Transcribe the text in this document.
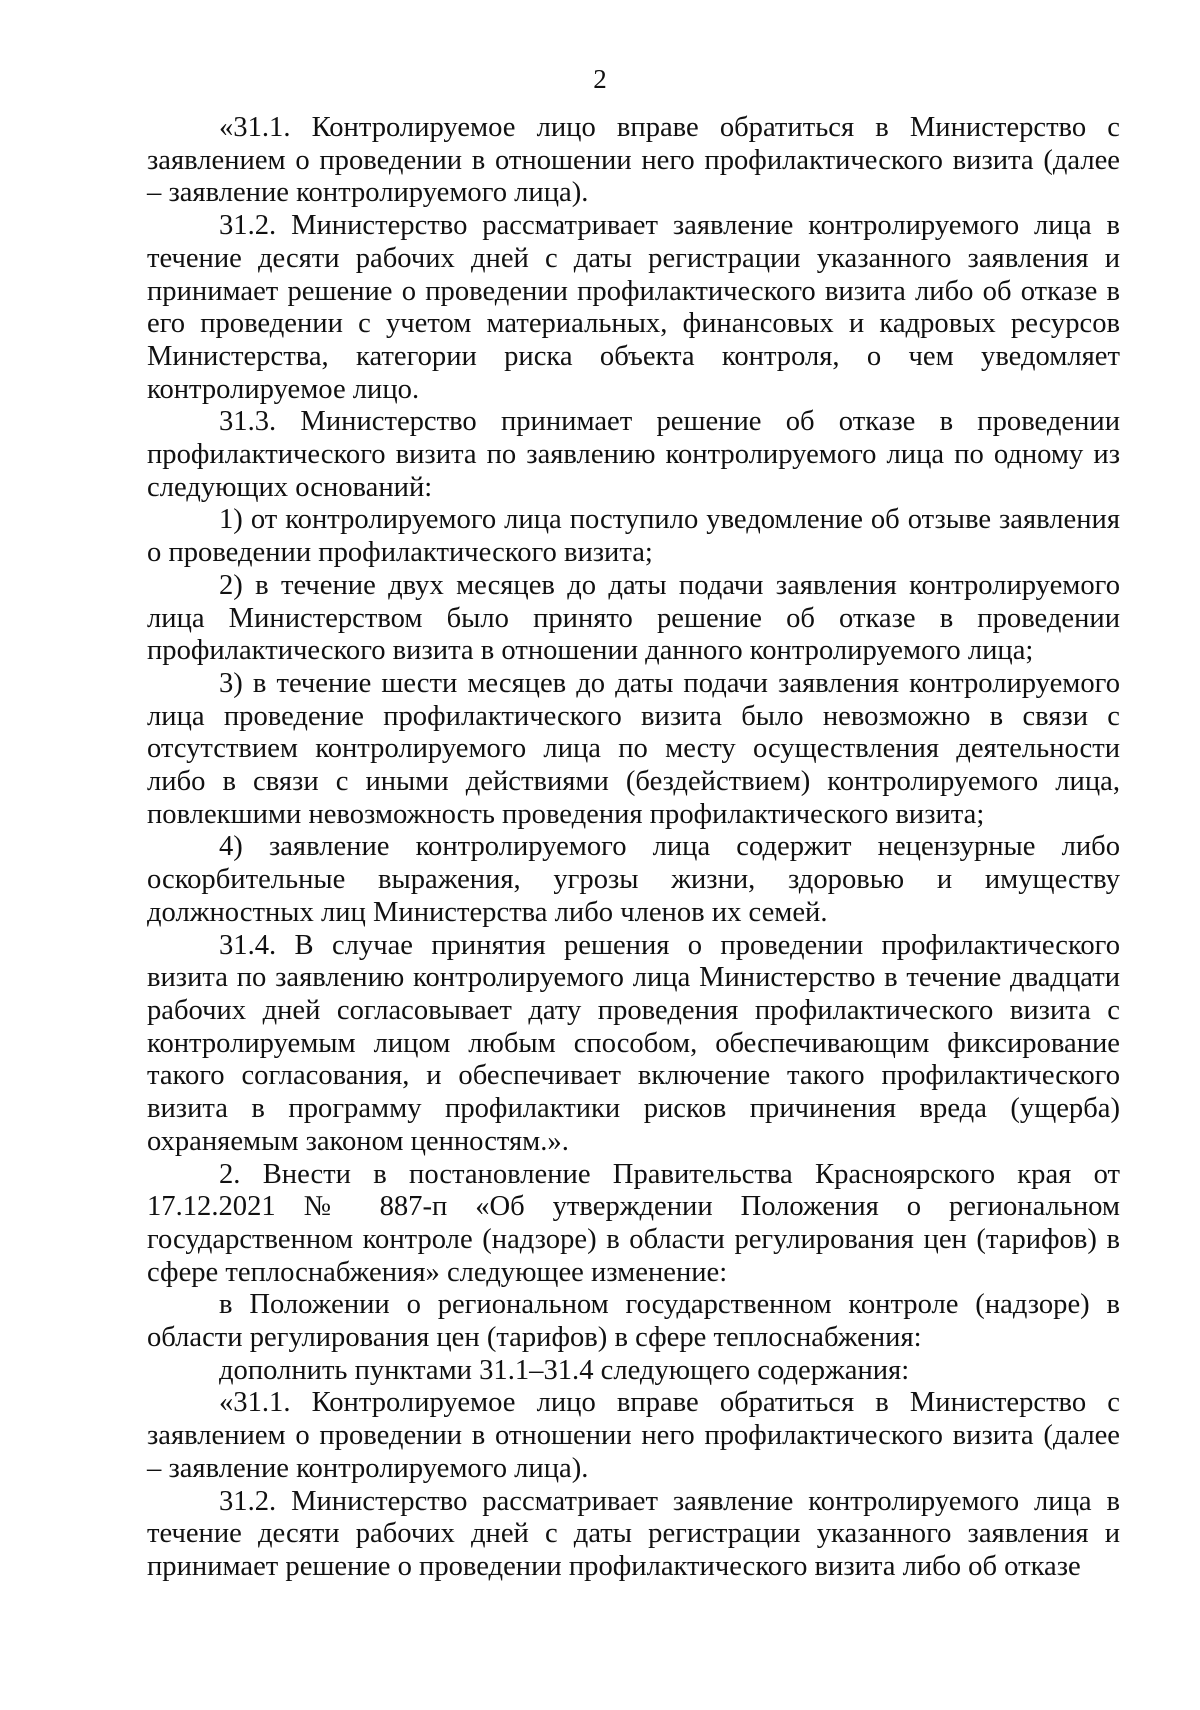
2

«31.1. Контролируемое лицо вправе обратиться в Министерство с заявлением о проведении в отношении него профилактического визита (далее – заявление контролируемого лица).

31.2. Министерство рассматривает заявление контролируемого лица в течение десяти рабочих дней с даты регистрации указанного заявления и принимает решение о проведении профилактического визита либо об отказе в его проведении с учетом материальных, финансовых и кадровых ресурсов Министерства, категории риска объекта контроля, о чем уведомляет контролируемое лицо.

31.3. Министерство принимает решение об отказе в проведении профилактического визита по заявлению контролируемого лица по одному из следующих оснований:

1) от контролируемого лица поступило уведомление об отзыве заявления о проведении профилактического визита;

2) в течение двух месяцев до даты подачи заявления контролируемого лица Министерством было принято решение об отказе в проведении профилактического визита в отношении данного контролируемого лица;

3) в течение шести месяцев до даты подачи заявления контролируемого лица проведение профилактического визита было невозможно в связи с отсутствием контролируемого лица по месту осуществления деятельности либо в связи с иными действиями (бездействием) контролируемого лица, повлекшими невозможность проведения профилактического визита;

4) заявление контролируемого лица содержит нецензурные либо оскорбительные выражения, угрозы жизни, здоровью и имуществу должностных лиц Министерства либо членов их семей.

31.4. В случае принятия решения о проведении профилактического визита по заявлению контролируемого лица Министерство в течение двадцати рабочих дней согласовывает дату проведения профилактического визита с контролируемым лицом любым способом, обеспечивающим фиксирование такого согласования, и обеспечивает включение такого профилактического визита в программу профилактики рисков причинения вреда (ущерба) охраняемым законом ценностям.».

2. Внести в постановление Правительства Красноярского края от 17.12.2021 № 887-п «Об утверждении Положения о региональном государственном контроле (надзоре) в области регулирования цен (тарифов) в сфере теплоснабжения» следующее изменение:

в Положении о региональном государственном контроле (надзоре) в области регулирования цен (тарифов) в сфере теплоснабжения:

дополнить пунктами 31.1–31.4 следующего содержания:

«31.1. Контролируемое лицо вправе обратиться в Министерство с заявлением о проведении в отношении него профилактического визита (далее – заявление контролируемого лица).

31.2. Министерство рассматривает заявление контролируемого лица в течение десяти рабочих дней с даты регистрации указанного заявления и принимает решение о проведении профилактического визита либо об отказе
